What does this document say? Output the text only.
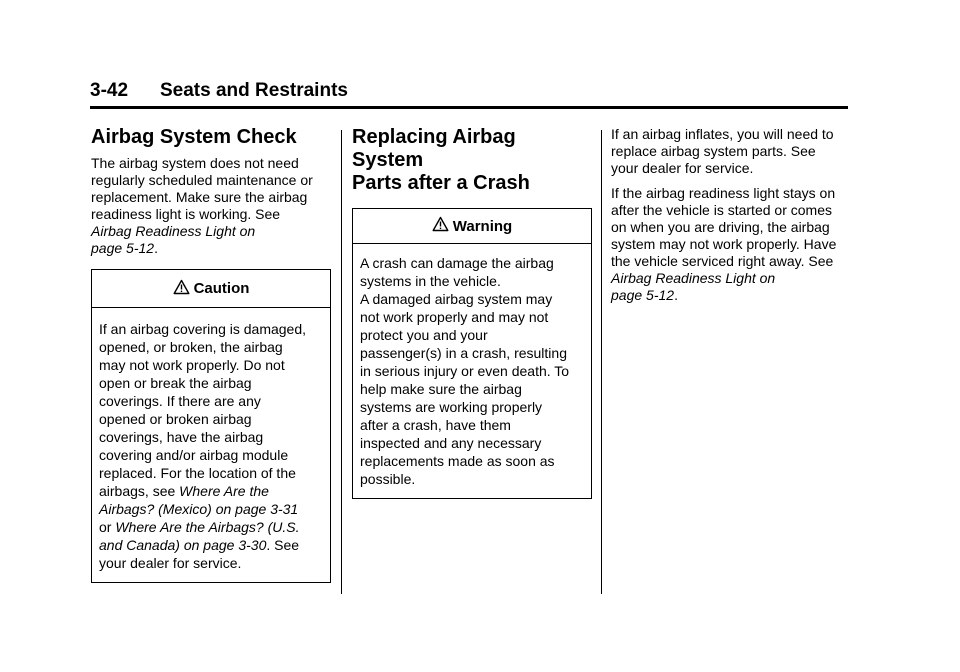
3-42 Seats and Restraints
Airbag System Check

The airbag system does not need
regularly scheduled maintenance or
replacement. Make sure the airbag
readiness light is working. See
Airbag Readiness Light on
page 5-12.

Caution
If an airbag covering is damaged,
opened, or broken, the airbag
may not work properly. Do not
open or break the airbag
coverings. If there are any
opened or broken airbag
coverings, have the airbag
covering and/or airbag module
replaced. For the location of the
airbags, see Where Are the
Airbags? (Mexico) on page 3-31
or Where Are the Airbags? (U.S.
and Canada) on page 3-30. See
your dealer for service.
Replacing Airbag System
Parts after a Crash
Warning
A crash can damage the airbag
systems in the vehicle.
A damaged airbag system may
not work properly and may not
protect you and your
passenger(s) in a crash, resulting
in serious injury or even death. To
help make sure the airbag
systems are working properly
after a crash, have them
inspected and any necessary
replacements made as soon as
possible.

If an airbag inflates, you will need to
replace airbag system parts. See
your dealer for service.

If the airbag readiness light stays on
after the vehicle is started or comes
on when you are driving, the airbag
system may not work properly. Have
the vehicle serviced right away. See
Airbag Readiness Light on
page 5-12.
